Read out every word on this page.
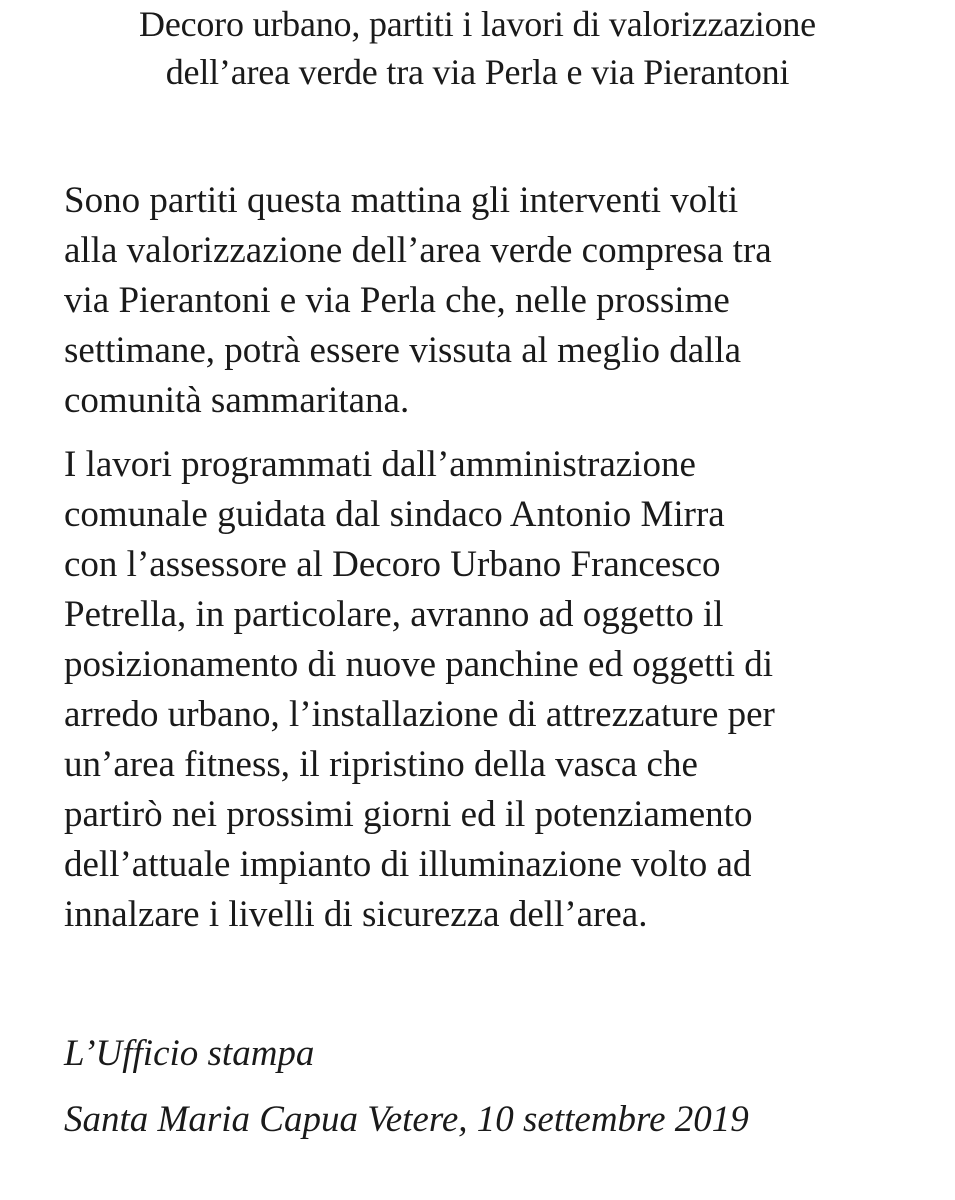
Decoro urbano, partiti i lavori di valorizzazione
dell’area verde tra via Perla e via Pierantoni

Sono partiti questa mattina gli interventi volti
alla valorizzazione dell’area verde compresa tra
via Pierantoni e via Perla che, nelle prossime
settimane, potrà essere vissuta al meglio dalla
comunità sammaritana.

I lavori programmati dall’amministrazione
comunale guidata dal sindaco Antonio Mirra
con l’assessore al Decoro Urbano Francesco
Petrella, in particolare, avranno ad oggetto il
posizionamento di nuove panchine ed oggetti di
arredo urbano, l’installazione di attrezzature per
un’area fitness, il ripristino della vasca che
partirò nei prossimi giorni ed il potenziamento
dell’attuale impianto di illuminazione volto ad
innalzare i livelli di sicurezza dell’area.

L’Ufficio stampa
Santa Maria Capua Vetere, 10 settembre 2019
